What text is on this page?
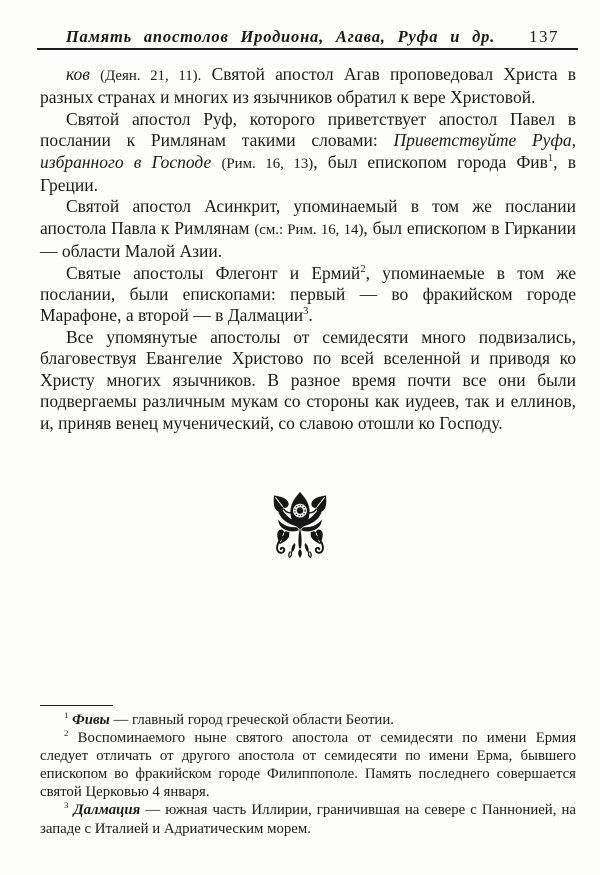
Память апостолов Иродиона, Агава, Руфа и др.	137

ков (Деян. 21, 11). Святой апостол Агав проповедовал Христа в разных странах и многих из язычников обратил к вере Христовой.

Святой апостол Руф, которого приветствует апостол Павел в послании к Римлянам такими словами: Приветствуйте Руфа, избранного в Господе (Рим. 16, 13), был епископом города Фив$^1$, в Греции.

Святой апостол Асинкрит, упоминаемый в том же послании апостола Павла к Римлянам (см.: Рим. 16, 14), был епископом в Гиркании — области Малой Азии.

Святые апостолы Флегонт и Ермий$^2$, упоминаемые в том же послании, были епископами: первый — во фракийском городе Марафоне, а второй — в Далмации$^3$.

Все упомянутые апостолы от семидесяти много подвизались, благовествуя Евангелие Христово по всей вселенной и приводя ко Христу многих язычников. В разное время почти все они были подвергаемы различным мукам со стороны как иудеев, так и еллинов, и, приняв венец мученический, со славою отошли ко Господу.

$^1$ Фивы — главный город греческой области Беотии.

$^2$ Воспоминаемого ныне святого апостола от семидесяти по имени Ермия следует отличать от другого апостола от семидесяти по имени Ерма, бывшего епископом во фракийском городе Филиппополе. Память последнего совершается святой Церковью 4 января.

$^3$ Далмация — южная часть Иллирии, граничившая на севере с Паннонией, на западе с Италией и Адриатическим морем.
